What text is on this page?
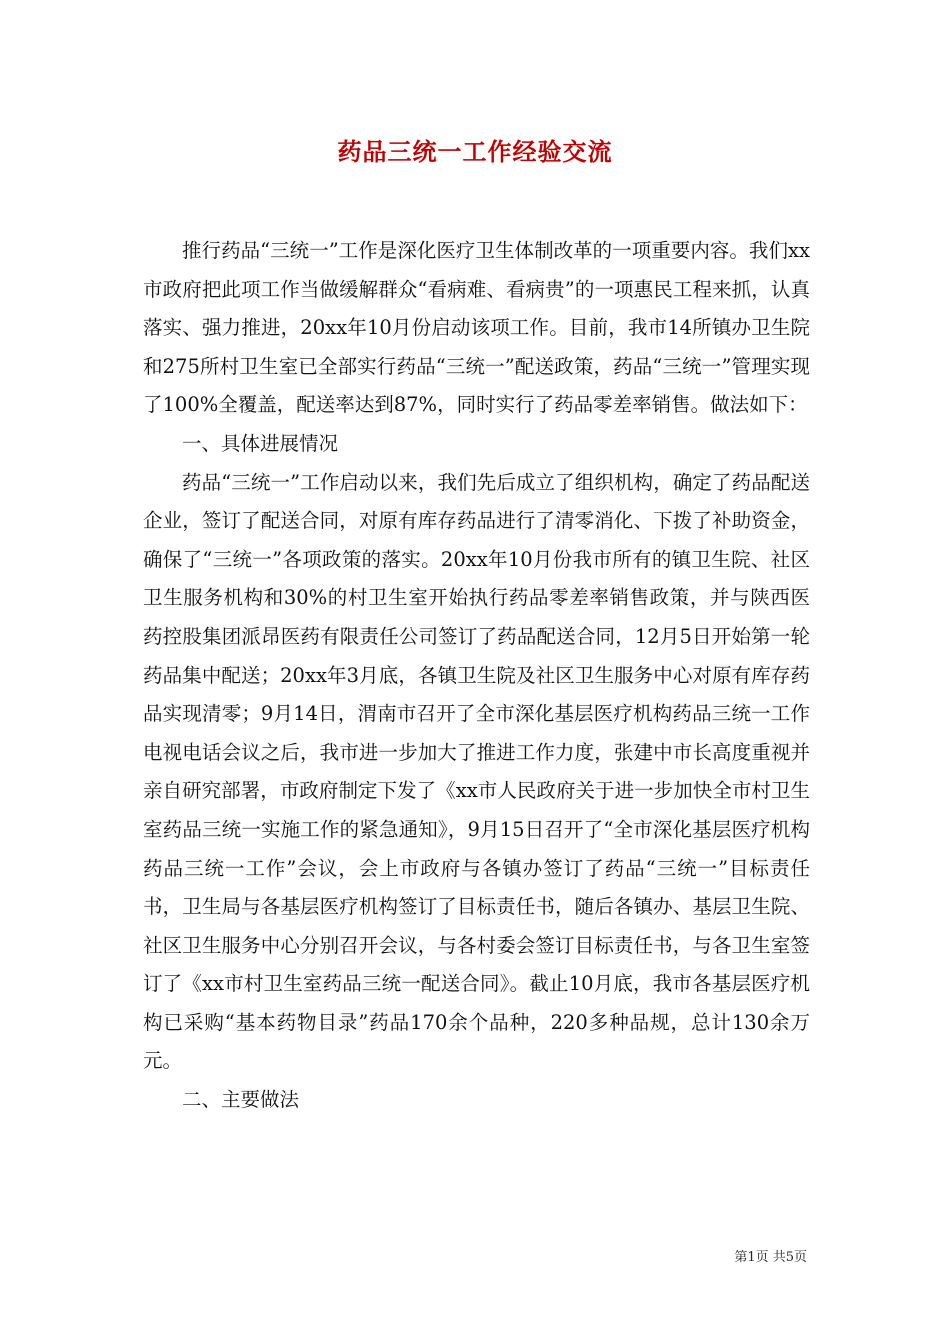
药品三统一工作经验交流

推行药品“三统一”工作是深化医疗卫生体制改革的一项重要内容。我们xx市政府把此项工作当做缓解群众“看病难、看病贵”的一项惠民工程来抓，认真落实、强力推进，20xx年10月份启动该项工作。目前，我市14所镇办卫生院和275所村卫生室已全部实行药品“三统一”配送政策，药品“三统一”管理实现了100%全覆盖，配送率达到87%，同时实行了药品零差率销售。做法如下：

一、具体进展情况

药品“三统一”工作启动以来，我们先后成立了组织机构，确定了药品配送企业，签订了配送合同，对原有库存药品进行了清零消化、下拨了补助资金，确保了“三统一”各项政策的落实。20xx年10月份我市所有的镇卫生院、社区卫生服务机构和30%的村卫生室开始执行药品零差率销售政策，并与陕西医药控股集团派昂医药有限责任公司签订了药品配送合同，12月5日开始第一轮药品集中配送；20xx年3月底，各镇卫生院及社区卫生服务中心对原有库存药品实现清零；9月14日，渭南市召开了全市深化基层医疗机构药品三统一工作电视电话会议之后，我市进一步加大了推进工作力度，张建中市长高度重视并亲自研究部署，市政府制定下发了《xx市人民政府关于进一步加快全市村卫生室药品三统一实施工作的紧急通知》，9月15日召开了“全市深化基层医疗机构药品三统一工作”会议，会上市政府与各镇办签订了药品“三统一”目标责任书，卫生局与各基层医疗机构签订了目标责任书，随后各镇办、基层卫生院、社区卫生服务中心分别召开会议，与各村委会签订目标责任书，与各卫生室签订了《xx市村卫生室药品三统一配送合同》。截止10月底，我市各基层医疗机构已采购“基本药物目录”药品170余个品种，220多种品规，总计130余万元。

二、主要做法

第1页 共5页
